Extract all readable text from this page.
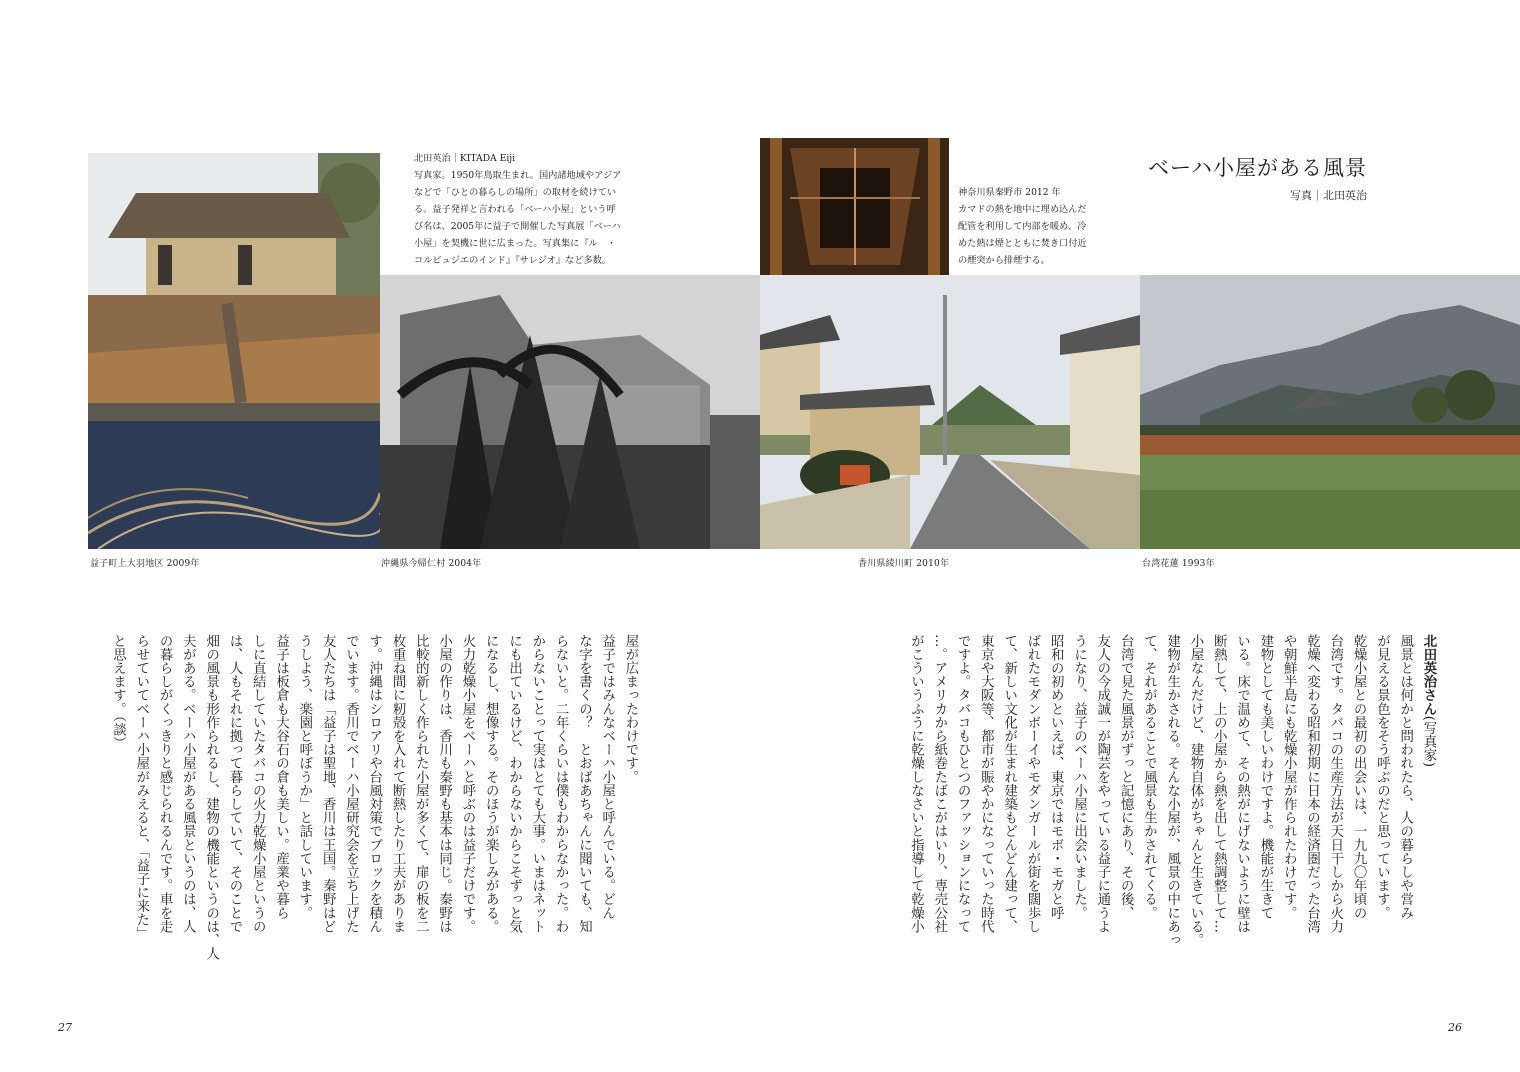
ベーハ小屋がある風景
写真｜北田英治
北田英治｜KITADA Eiji
写真家。1950年鳥取生まれ。国内諸地域やアジア
などで「ひとの暮らしの場所」の取材を続けてい
る。益子発祥と言われる「ベーハ小屋」という呼
び名は、2005年に益子で開催した写真展「ベーハ
小屋」を契機に世に広まった。写真集に『ル　・
コルビュジエのインド』『サレジオ』など多数。
神奈川県秦野市 2012 年
カマドの熱を地中に埋め込んだ
配管を利用して内部を暖め、冷
めた熱は煙とともに焚き口付近
の煙突から排煙する。
益子町上大羽地区 2009年	沖縄県今帰仁村 2004年	香川県綾川町 2010年	台湾花蓮 1993年

北田英治さん(写真家)

風景とは何かと問われたら、人の暮らしや営み

が見える景色をそう呼ぶのだと思っています。

乾燥小屋との最初の出会いは、一九九〇年頃の

台湾です。タバコの生産方法が天日干しから火力

乾燥へ変わる昭和初期に日本の経済圏だった台湾

や朝鮮半島にも乾燥小屋が作られたわけです。

建物としても美しいわけですよ。機能が生きて

いる。床で温めて、その熱がにげないように壁は

断熱して、上の小屋から熱を出して熱調整して…

小屋なんだけど、建物自体がちゃんと生きている。

建物が生かされる。そんな小屋が、風景の中にあっ

て、それがあることで風景も生かされてくる。

台湾で見た風景がずっと記憶にあり、その後、

友人の今成誠一が陶芸をやっている益子に通うよ

うになり、益子のベーハ小屋に出会いました。

昭和の初めといえば、東京ではモボ・モガと呼

ばれたモダンボーイやモダンガールが街を闊歩し

て、新しい文化が生まれ建築もどんどん建って、

東京や大阪等、都市が賑やかになっていった時代

ですよ。タバコもひとつのファッションになって

…。アメリカから紙巻たばこがはいり、専売公社

がこういうふうに乾燥しなさいと指導して乾燥小

屋が広まったわけです。

益子ではみんなベーハ小屋と呼んでいる。どん

な字を書くの？　とおばあちゃんに聞いても、知

らないと。二年くらいは僕もわからなかった。わ

からないことって実はとても大事。いまはネット

にも出ているけど、わからないからこそずっと気

になるし、想像する。そのほうが楽しみがある。

火力乾燥小屋をベーハと呼ぶのは益子だけです。

小屋の作りは、香川も秦野も基本は同じ。秦野は

比較的新しく作られた小屋が多くて、扉の板を二

枚重ね間に籾殻を入れて断熱したり工夫がありま

す。沖縄はシロアリや台風対策でブロックを積ん

でいます。香川でベーハ小屋研究会を立ち上げた

友人たちは「益子は聖地、香川は王国。秦野はど

うしよう、楽園と呼ぼうか」と話しています。

益子は板倉も大谷石の倉も美しい。産業や暮ら

しに直結していたタバコの火力乾燥小屋というの

は、人もそれに拠って暮らしていて、そのことで

畑の風景も形作られるし、建物の機能というのは、人

夫がある。ベーハ小屋がある風景というのは、人

の暮らしがくっきりと感じられるんです。車を走

らせていてベーハ小屋がみえると、「益子に来た」

と思えます。（談）

27	26
